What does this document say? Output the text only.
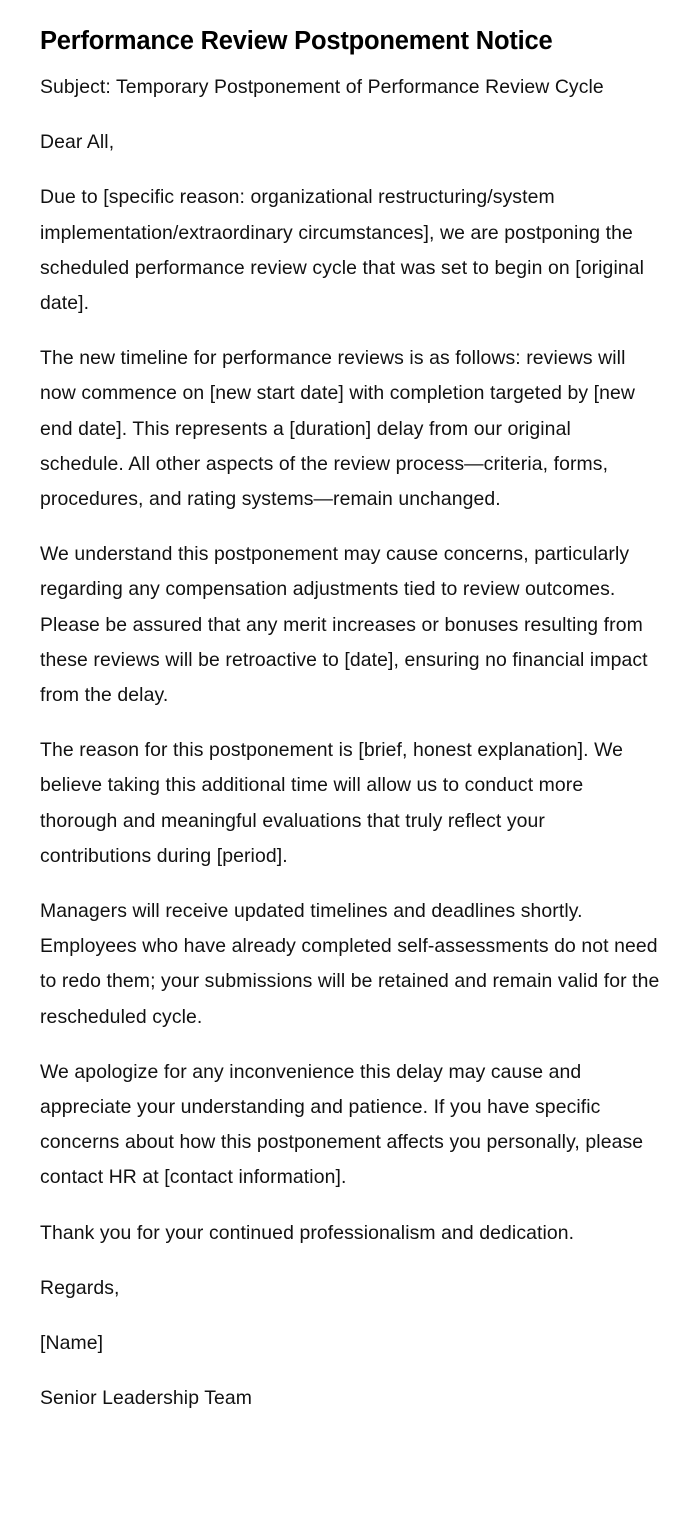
Performance Review Postponement Notice

Subject: Temporary Postponement of Performance Review Cycle

Dear All,

Due to [specific reason: organizational restructuring/system implementation/extraordinary circumstances], we are postponing the scheduled performance review cycle that was set to begin on [original date].

The new timeline for performance reviews is as follows: reviews will now commence on [new start date] with completion targeted by [new end date]. This represents a [duration] delay from our original schedule. All other aspects of the review process—criteria, forms, procedures, and rating systems—remain unchanged.

We understand this postponement may cause concerns, particularly regarding any compensation adjustments tied to review outcomes. Please be assured that any merit increases or bonuses resulting from these reviews will be retroactive to [date], ensuring no financial impact from the delay.

The reason for this postponement is [brief, honest explanation]. We believe taking this additional time will allow us to conduct more thorough and meaningful evaluations that truly reflect your contributions during [period].

Managers will receive updated timelines and deadlines shortly. Employees who have already completed self-assessments do not need to redo them; your submissions will be retained and remain valid for the rescheduled cycle.

We apologize for any inconvenience this delay may cause and appreciate your understanding and patience. If you have specific concerns about how this postponement affects you personally, please contact HR at [contact information].

Thank you for your continued professionalism and dedication.

Regards,

[Name]

Senior Leadership Team
